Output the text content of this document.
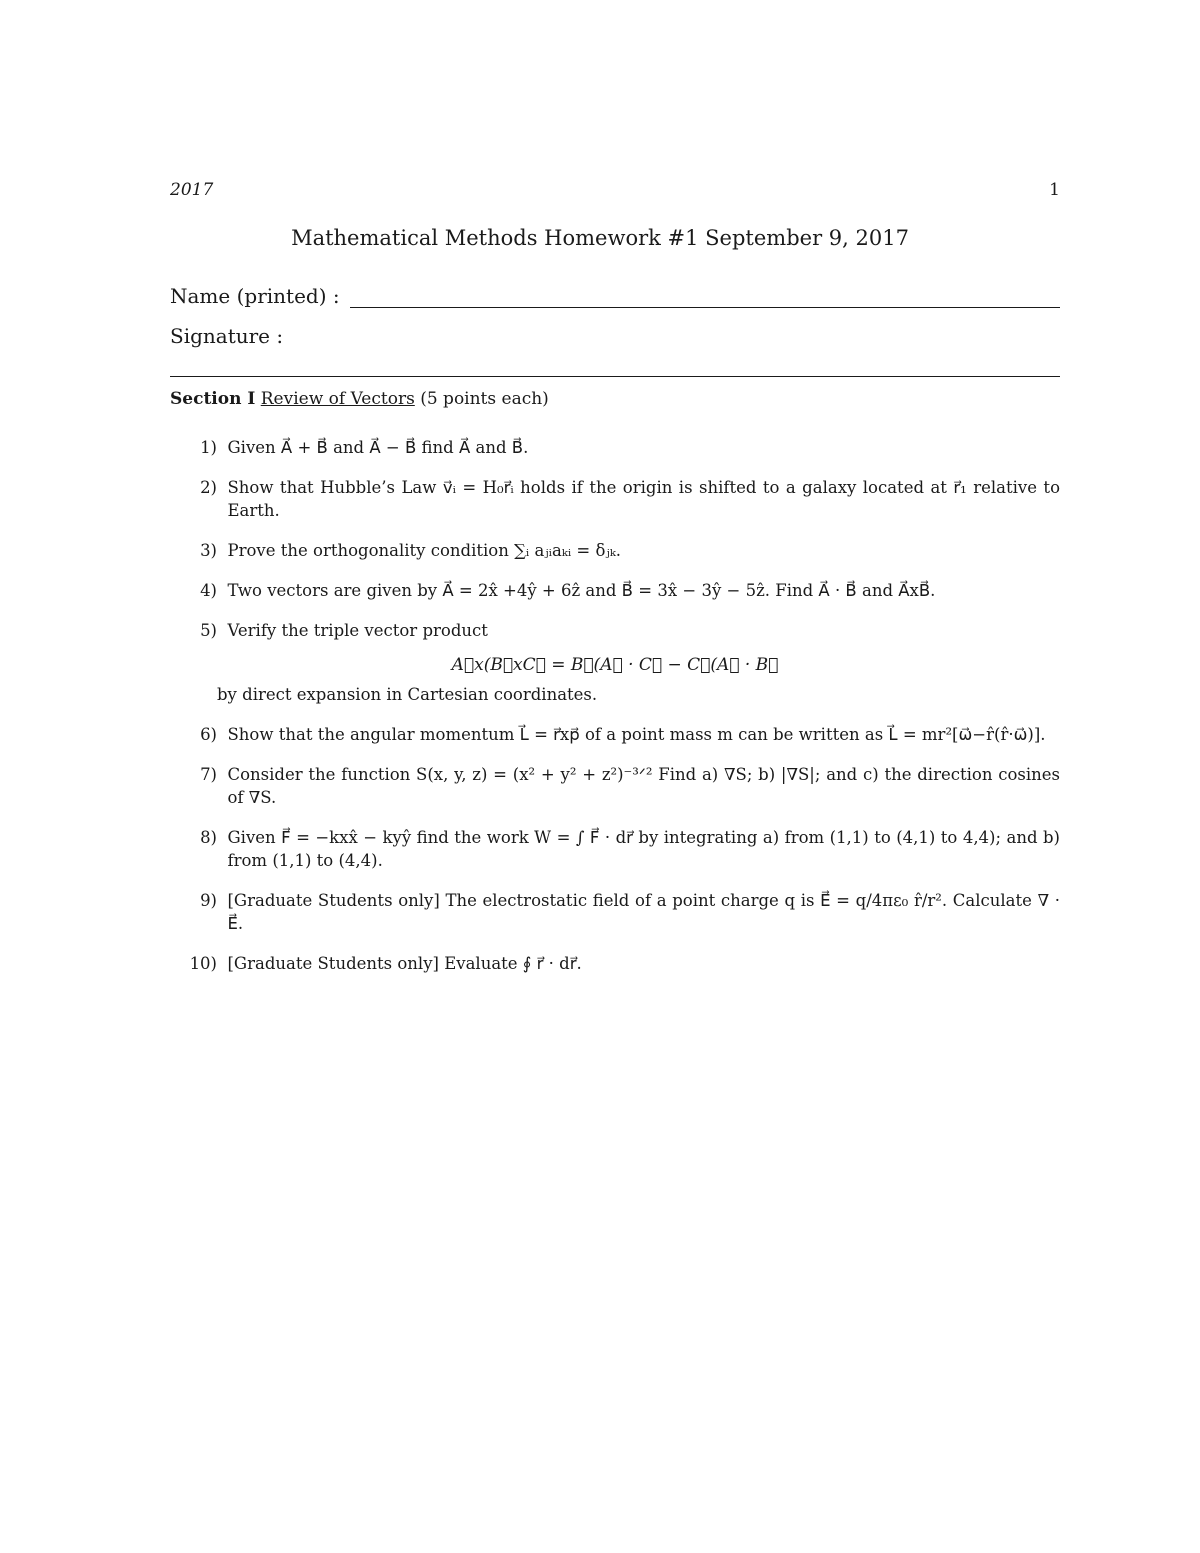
2017	1
Mathematical Methods Homework #1 September 9, 2017
Name (printed) :
Signature :
Section I Review of Vectors (5 points each)
1)
Given A⃗ + B⃗ and A⃗ − B⃗ find A⃗ and B⃗.
2)
Show that Hubble’s Law v⃗ᵢ = H₀r⃗ᵢ holds if the origin is shifted to a galaxy located at r⃗₁ relative to Earth.
3)
Prove the orthogonality condition ∑ᵢ aⱼᵢaₖᵢ = δⱼₖ.
4)
Two vectors are given by A⃗ = 2x̂ +4ŷ + 6ẑ and B⃗ = 3x̂ − 3ŷ − 5ẑ. Find A⃗ · B⃗ and A⃗xB⃗.
5)
Verify the triple vector product
A⃗x(B⃗xC⃗ = B⃗(A⃗ · C⃗ − C⃗(A⃗ · B⃗
by direct expansion in Cartesian coordinates.
6)
Show that the angular momentum L⃗ = r⃗xp⃗ of a point mass m can be written as L⃗ = mr²[ω⃗−r̂(r̂·ω⃗)].
7)
Consider the function S(x, y, z) = (x² + y² + z²)⁻³ᐟ² Find a) ∇S; b) |∇S|; and c) the direction cosines of ∇S.
8)
Given F⃗ = −kxx̂ − kyŷ find the work W = ∫ F⃗ · dr⃗ by integrating a) from (1,1) to (4,1) to 4,4); and b) from (1,1) to (4,4).
9)
[Graduate Students only] The electrostatic field of a point charge q is E⃗ = q/4πε₀ r̂/r². Calculate ∇ · E⃗.
10)
[Graduate Students only] Evaluate ∮ r⃗ · dr⃗.
